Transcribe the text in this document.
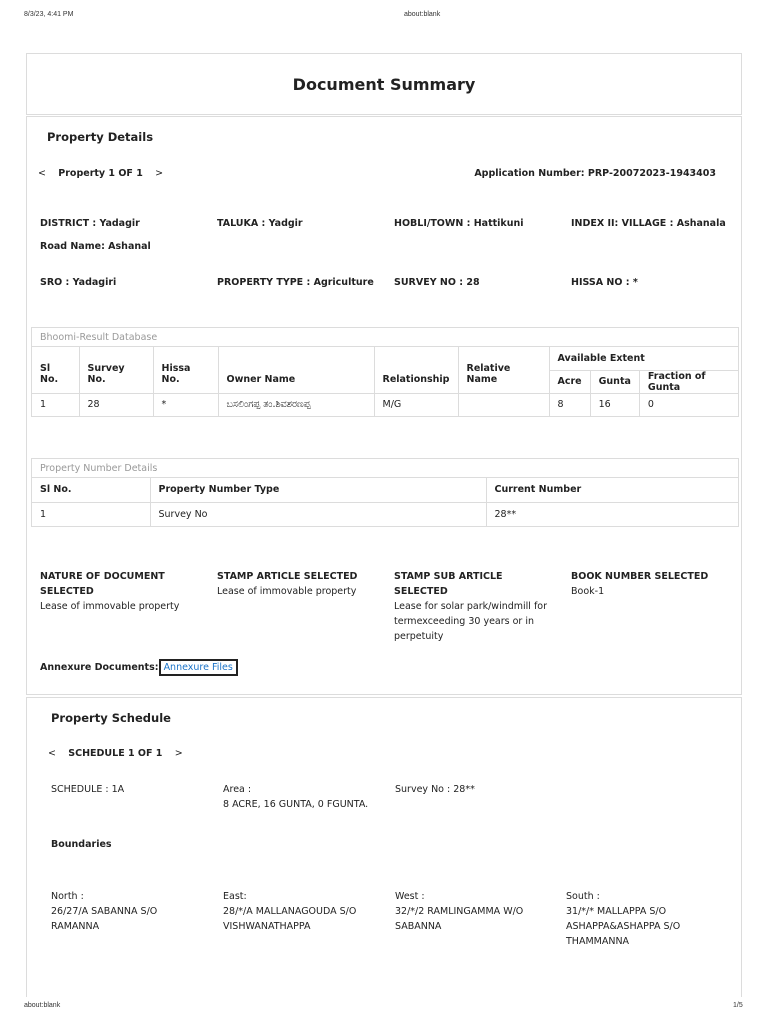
8/3/23, 4:41 PM	about:blank
about:blank	1/5
Document Summary
Property Details
< Property 1 OF 1 >	Application Number: PRP-20072023-1943403
DISTRICT : Yadagir	TALUKA : Yadgir	HOBLI/TOWN : Hattikuni	INDEX II: VILLAGE : Ashanala
Road Name: Ashanal
SRO : Yadagiri	PROPERTY TYPE : Agriculture SURVEY NO : 28	HISSA NO : *
Bhoomi-Result Database
Sl No.	Survey No.	Hissa No.	Owner Name	Relationship	Relative Name	Available Extent		
						Acre	Gunta	Fraction of Gunta
1	28	*	ಬಸಲಿಂಗಪ್ಪ ತಂ.ಶಿವಶರಣಪ್ಪ	M/G		8	16	0
Property Number Details
Sl No.	Property Number Type	Current Number
1	Survey No	28**
NATURE OF DOCUMENT SELECTED
Lease of immovable property
STAMP ARTICLE SELECTED
Lease of immovable property
STAMP SUB ARTICLE SELECTED
Lease for solar park/windmill for termexceeding 30 years or in perpetuity
BOOK NUMBER SELECTED
Book-1
Annexure Documents: Annexure Files
Property Schedule
< SCHEDULE 1 OF 1 >
SCHEDULE : 1A	Area :
8 ACRE, 16 GUNTA, 0 FGUNTA.
Survey No : 28**
Boundaries
North :
26/27/A SABANNA S/O RAMANNA
East:
28/*/A MALLANAGOUDA S/O VISHWANATHAPPA
West :
32/*/2 RAMLINGAMMA W/O SABANNA
South :
31/*/* MALLAPPA S/O ASHAPPA&ASHAPPA S/O THAMMANNA
